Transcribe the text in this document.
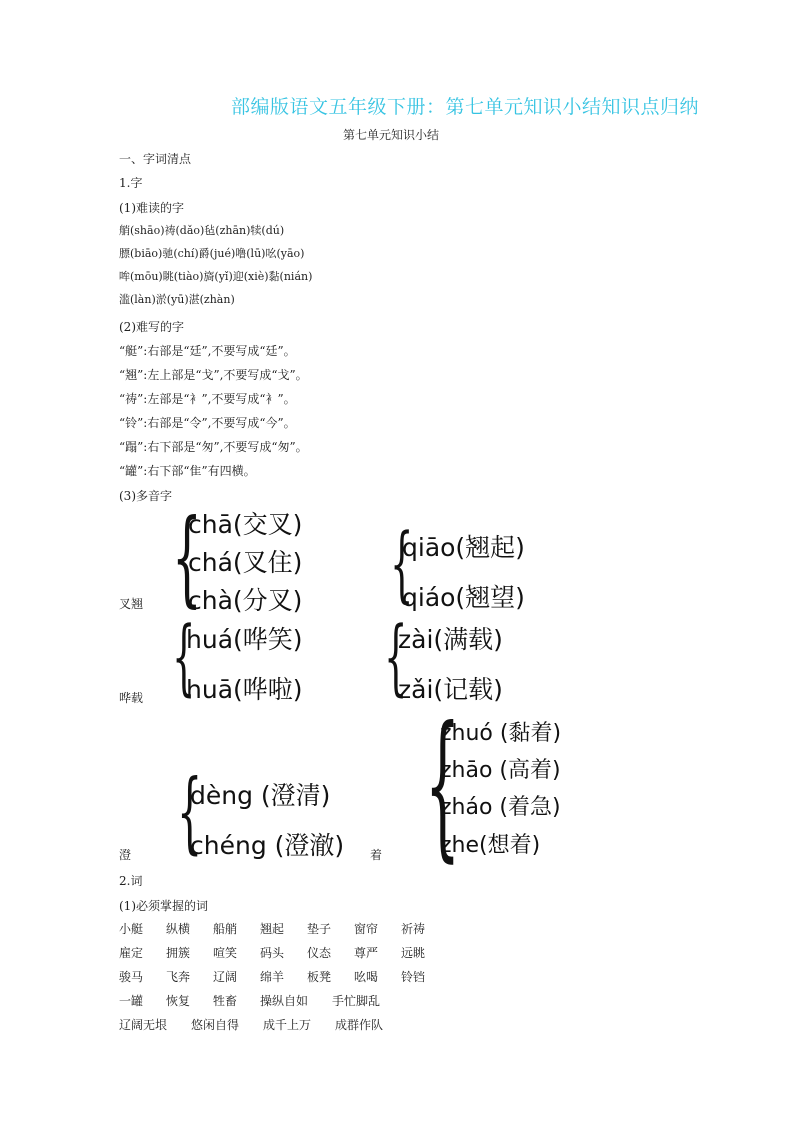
部编版语文五年级下册：第七单元知识小结知识点归纳
第七单元知识小结
一、字词清点
1.字
(1)难读的字
艄(shāo)祷(dǎo)毡(zhān)犊(dú)
膘(biāo)驰(chí)爵(jué)噜(lū)吆(yāo)
哞(mōu)眺(tiào)旖(yǐ)迎(xiè)黏(nián)
滥(làn)淤(yū)湛(zhàn)
(2)难写的字
“艇”:右部是“廷”,不要写成“廷”。
“翘”:左上部是“戈”,不要写成“戈”。
“祷”:左部是“衤”,不要写成“衤”。
“铃”:右部是“令”,不要写成“今”。
“蹋”:右下部是“匆”,不要写成“匆”。
“罐”:右下部“隹”有四横。
(3)多音字 {
chā(交叉)
chá(叉住)
chà(分叉) {
qiāo(翘起)
qiáo(翘望)
叉翘
{
huá(哗笑)
huā(哗啦) {
zài(满载)
zǎi(记载)
哗载 {
zhuó (黏着)
zhāo (高着)
zháo (着急)
zhe(想着)
{
dèng (澄清)
chéng (澄澈)
澄	着
2.词
(1)必须掌握的词
小艇 纵横 船艄 翘起 垫子 窗帘 祈祷
雇定 拥簇 喧笑 码头 仪态 尊严 远眺
骏马 飞奔 辽阔 绵羊 板凳 吆喝 铃铛
一罐 恢复 牲畜 操纵自如 手忙脚乱
辽阔无垠 悠闲自得 成千上万 成群作队
